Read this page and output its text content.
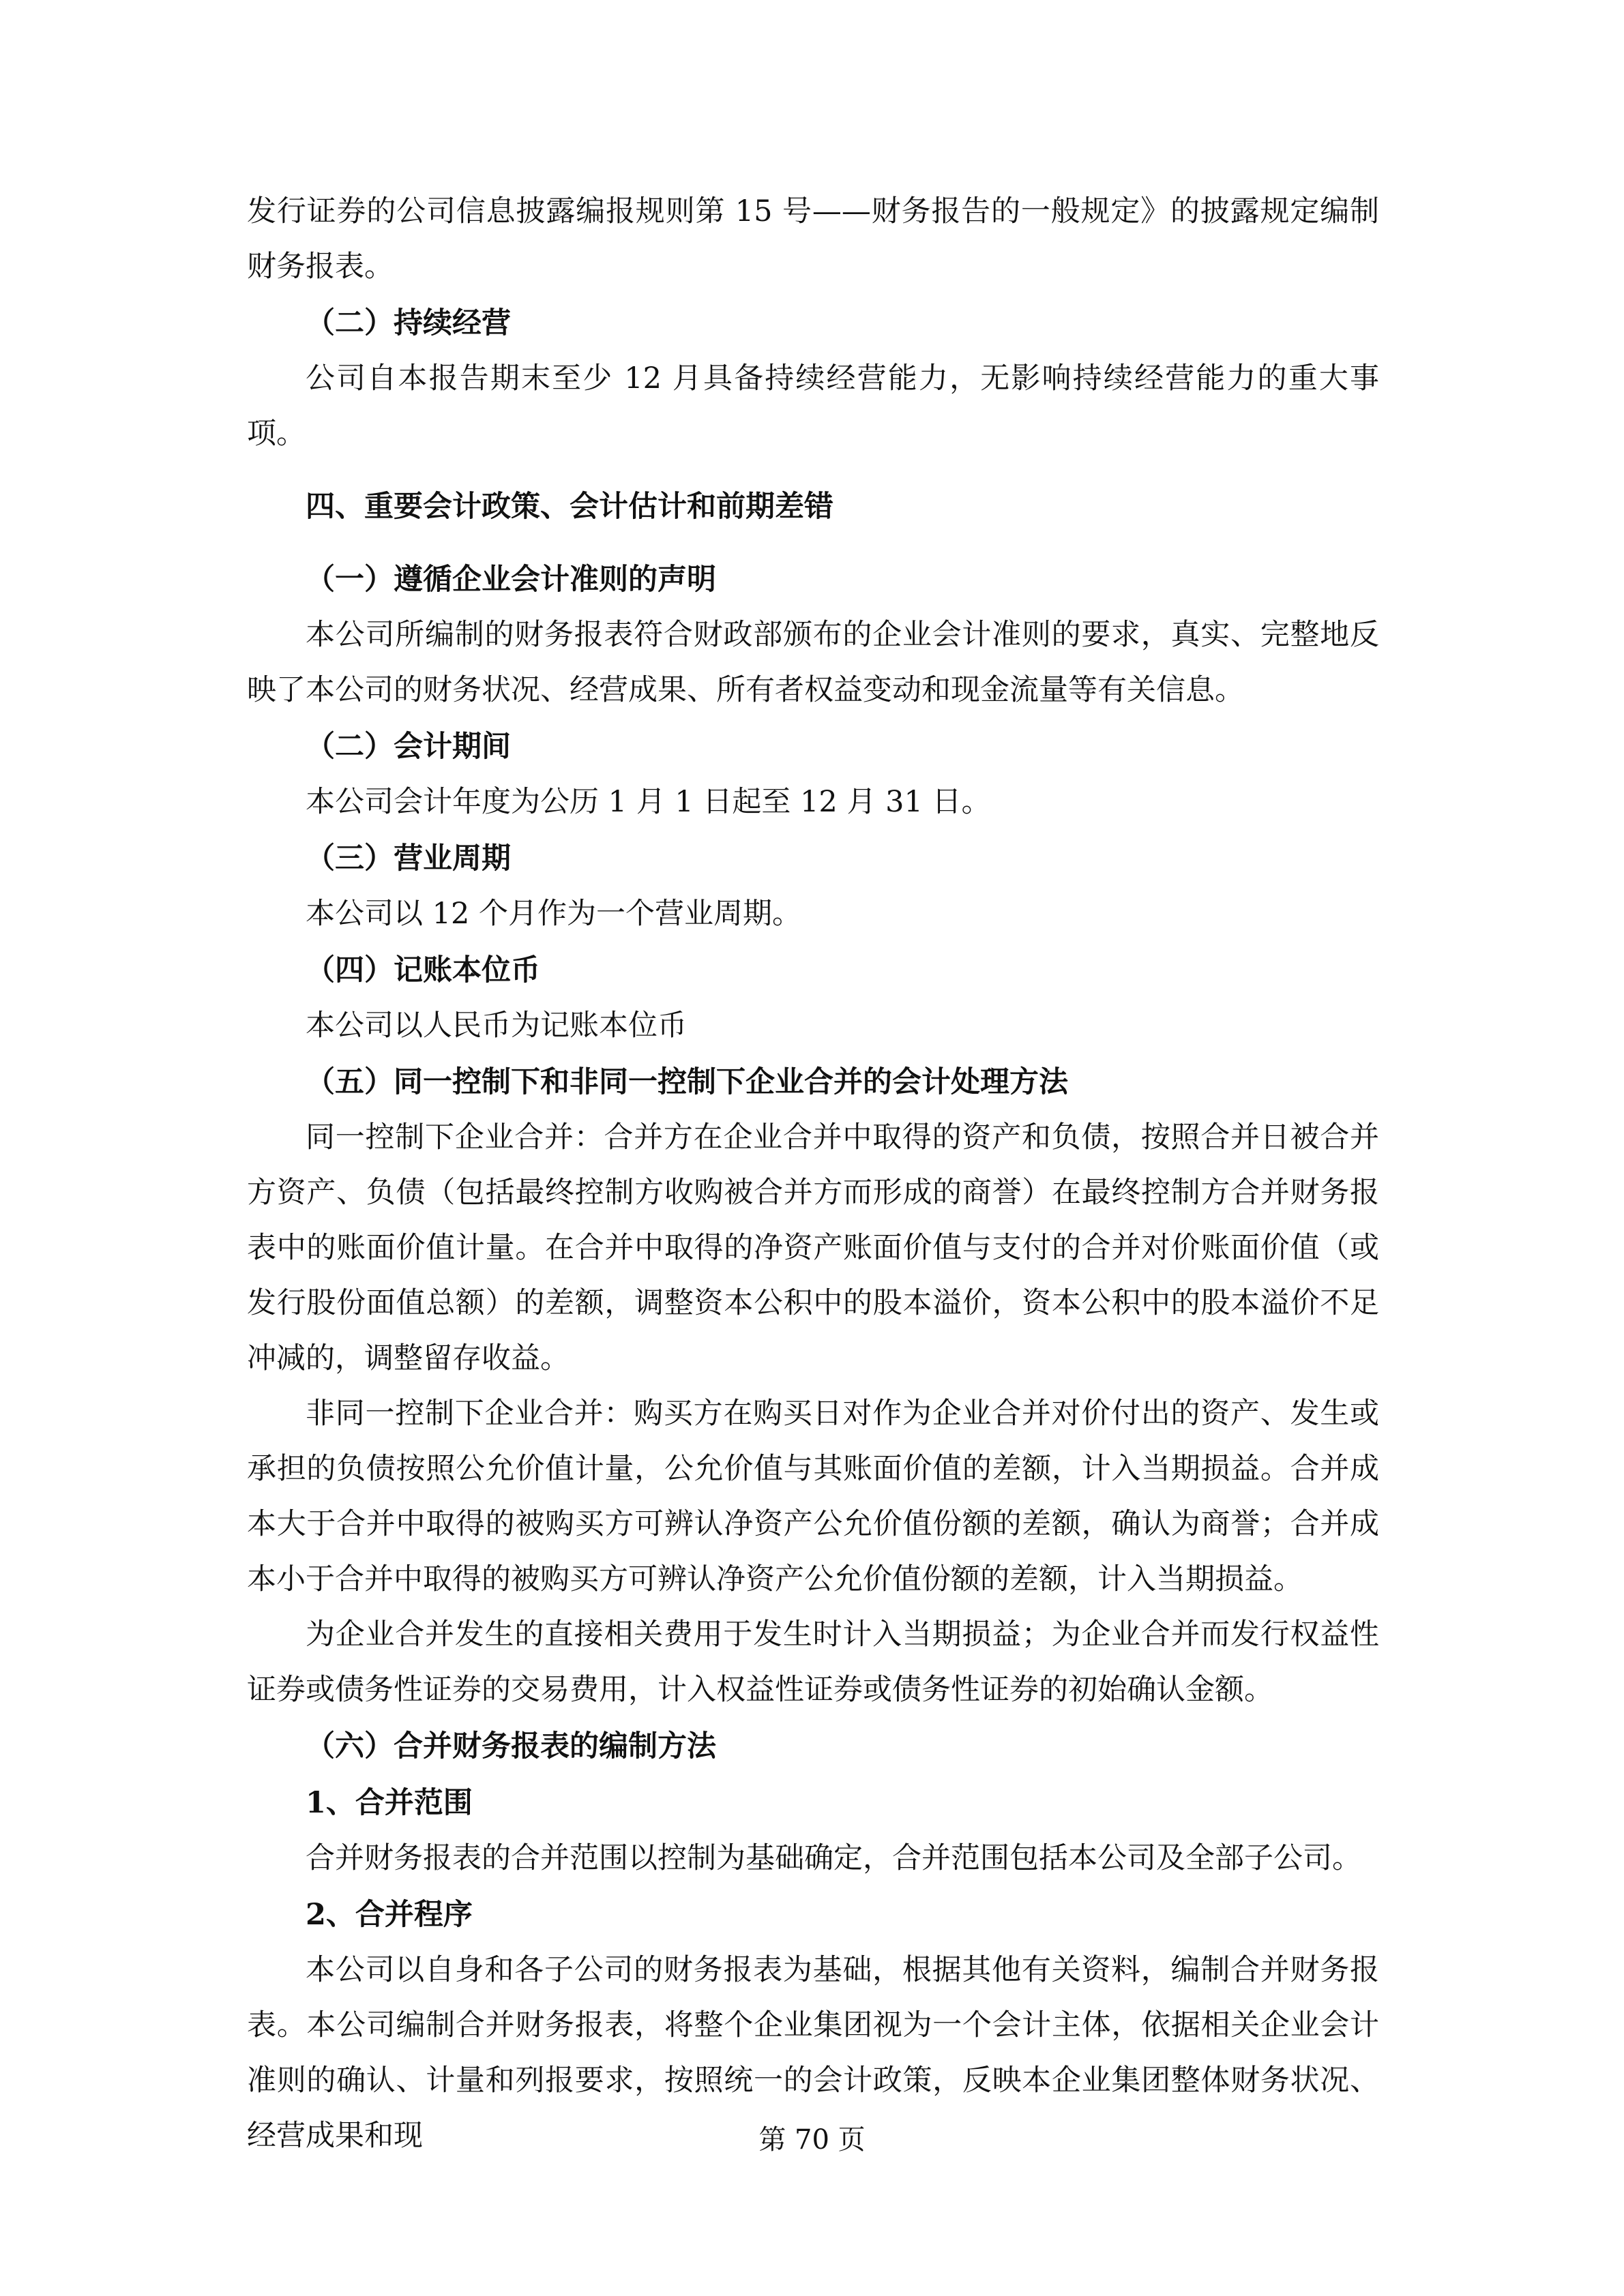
发行证券的公司信息披露编报规则第 15 号——财务报告的一般规定》的披露规定编制财务报表。

（二）持续经营

公司自本报告期末至少 12 月具备持续经营能力，无影响持续经营能力的重大事项。

四、重要会计政策、会计估计和前期差错

（一）遵循企业会计准则的声明

本公司所编制的财务报表符合财政部颁布的企业会计准则的要求，真实、完整地反映了本公司的财务状况、经营成果、所有者权益变动和现金流量等有关信息。

（二）会计期间

本公司会计年度为公历 1 月 1 日起至 12 月 31 日。

（三）营业周期

本公司以 12 个月作为一个营业周期。

（四）记账本位币

本公司以人民币为记账本位币

（五）同一控制下和非同一控制下企业合并的会计处理方法

同一控制下企业合并：合并方在企业合并中取得的资产和负债，按照合并日被合并方资产、负债（包括最终控制方收购被合并方而形成的商誉）在最终控制方合并财务报表中的账面价值计量。在合并中取得的净资产账面价值与支付的合并对价账面价值（或发行股份面值总额）的差额，调整资本公积中的股本溢价，资本公积中的股本溢价不足冲减的，调整留存收益。

非同一控制下企业合并：购买方在购买日对作为企业合并对价付出的资产、发生或承担的负债按照公允价值计量，公允价值与其账面价值的差额，计入当期损益。合并成本大于合并中取得的被购买方可辨认净资产公允价值份额的差额，确认为商誉；合并成本小于合并中取得的被购买方可辨认净资产公允价值份额的差额，计入当期损益。

为企业合并发生的直接相关费用于发生时计入当期损益；为企业合并而发行权益性证券或债务性证券的交易费用，计入权益性证券或债务性证券的初始确认金额。

（六）合并财务报表的编制方法

1、合并范围

合并财务报表的合并范围以控制为基础确定，合并范围包括本公司及全部子公司。

2、合并程序

本公司以自身和各子公司的财务报表为基础，根据其他有关资料，编制合并财务报表。本公司编制合并财务报表，将整个企业集团视为一个会计主体，依据相关企业会计准则的确认、计量和列报要求，按照统一的会计政策，反映本企业集团整体财务状况、经营成果和现	第 70 页
